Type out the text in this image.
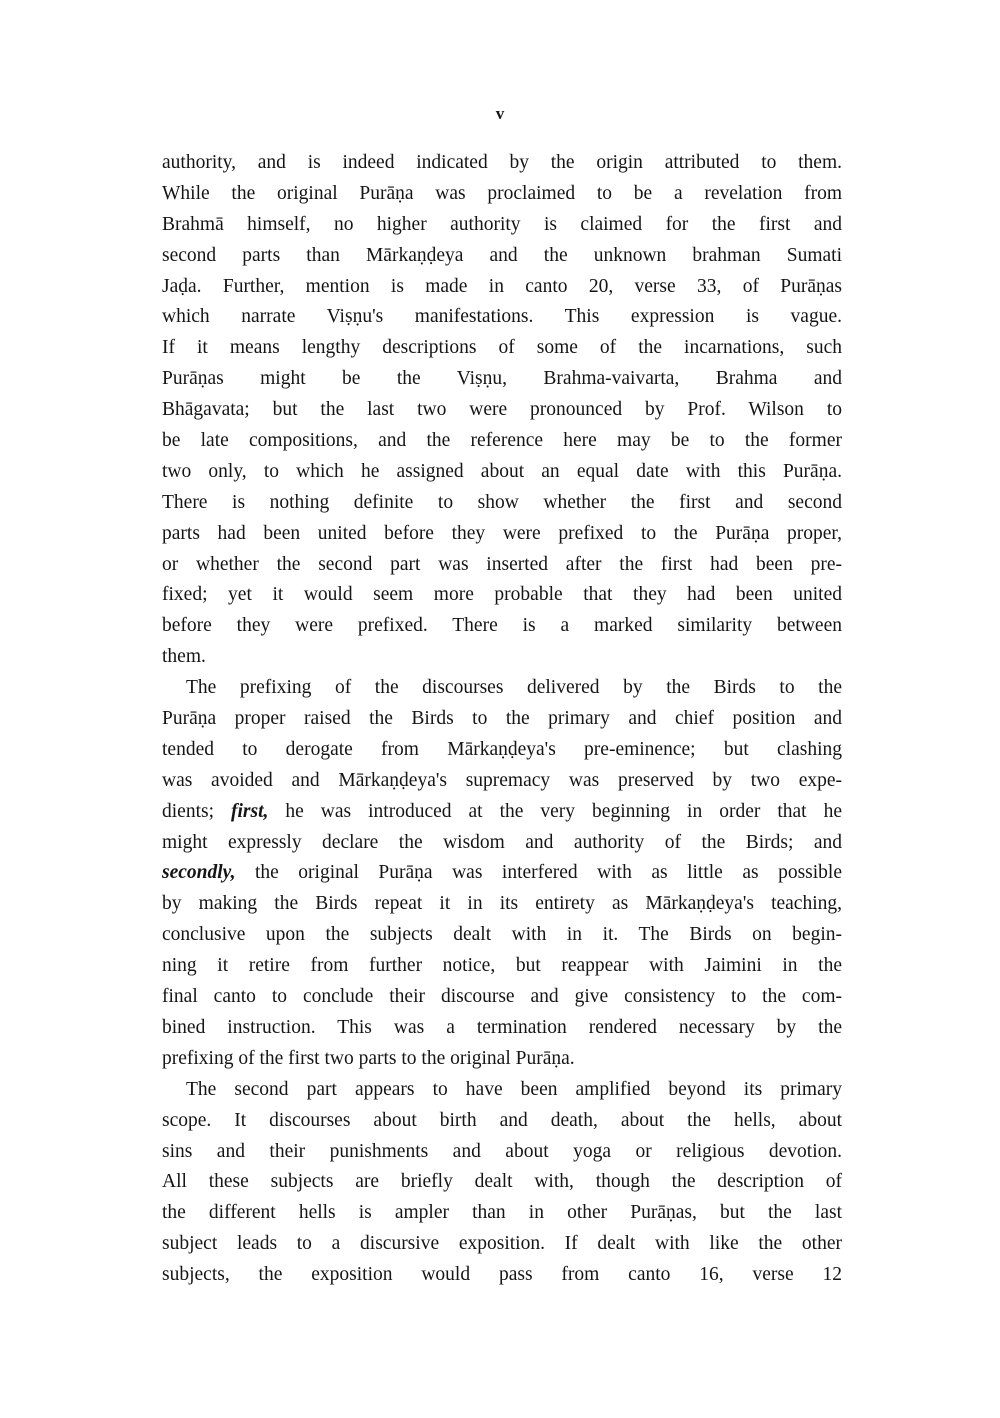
v
authority, and is indeed indicated by the origin attributed to them.
While the original Purāṇa was proclaimed to be a revelation from
Brahmā himself, no higher authority is claimed for the first and
second parts than Mārkaṇḍeya and the unknown brahman Sumati
Jaḍa. Further, mention is made in canto 20, verse 33, of Purāṇas
which narrate Viṣṇu's manifestations. This expression is vague.
If it means lengthy descriptions of some of the incarnations, such
Purāṇas might be the Viṣṇu, Brahma-vaivarta, Brahma and
Bhāgavata; but the last two were pronounced by Prof. Wilson to
be late compositions, and the reference here may be to the former
two only, to which he assigned about an equal date with this Purāṇa.
There is nothing definite to show whether the first and second
parts had been united before they were prefixed to the Purāṇa proper,
or whether the second part was inserted after the first had been pre-
fixed; yet it would seem more probable that they had been united
before they were prefixed. There is a marked similarity between
them.
The prefixing of the discourses delivered by the Birds to the
Purāṇa proper raised the Birds to the primary and chief position and
tended to derogate from Mārkaṇḍeya's pre-eminence; but clashing
was avoided and Mārkaṇḍeya's supremacy was preserved by two expe-
dients; first, he was introduced at the very beginning in order that he
might expressly declare the wisdom and authority of the Birds; and
secondly, the original Purāṇa was interfered with as little as possible
by making the Birds repeat it in its entirety as Mārkaṇḍeya's teaching,
conclusive upon the subjects dealt with in it. The Birds on begin-
ning it retire from further notice, but reappear with Jaimini in the
final canto to conclude their discourse and give consistency to the com-
bined instruction. This was a termination rendered necessary by the
prefixing of the first two parts to the original Purāṇa.
The second part appears to have been amplified beyond its primary
scope. It discourses about birth and death, about the hells, about
sins and their punishments and about yoga or religious devotion.
All these subjects are briefly dealt with, though the description of
the different hells is ampler than in other Purāṇas, but the last
subject leads to a discursive exposition. If dealt with like the other
subjects, the exposition would pass from canto 16, verse 12
